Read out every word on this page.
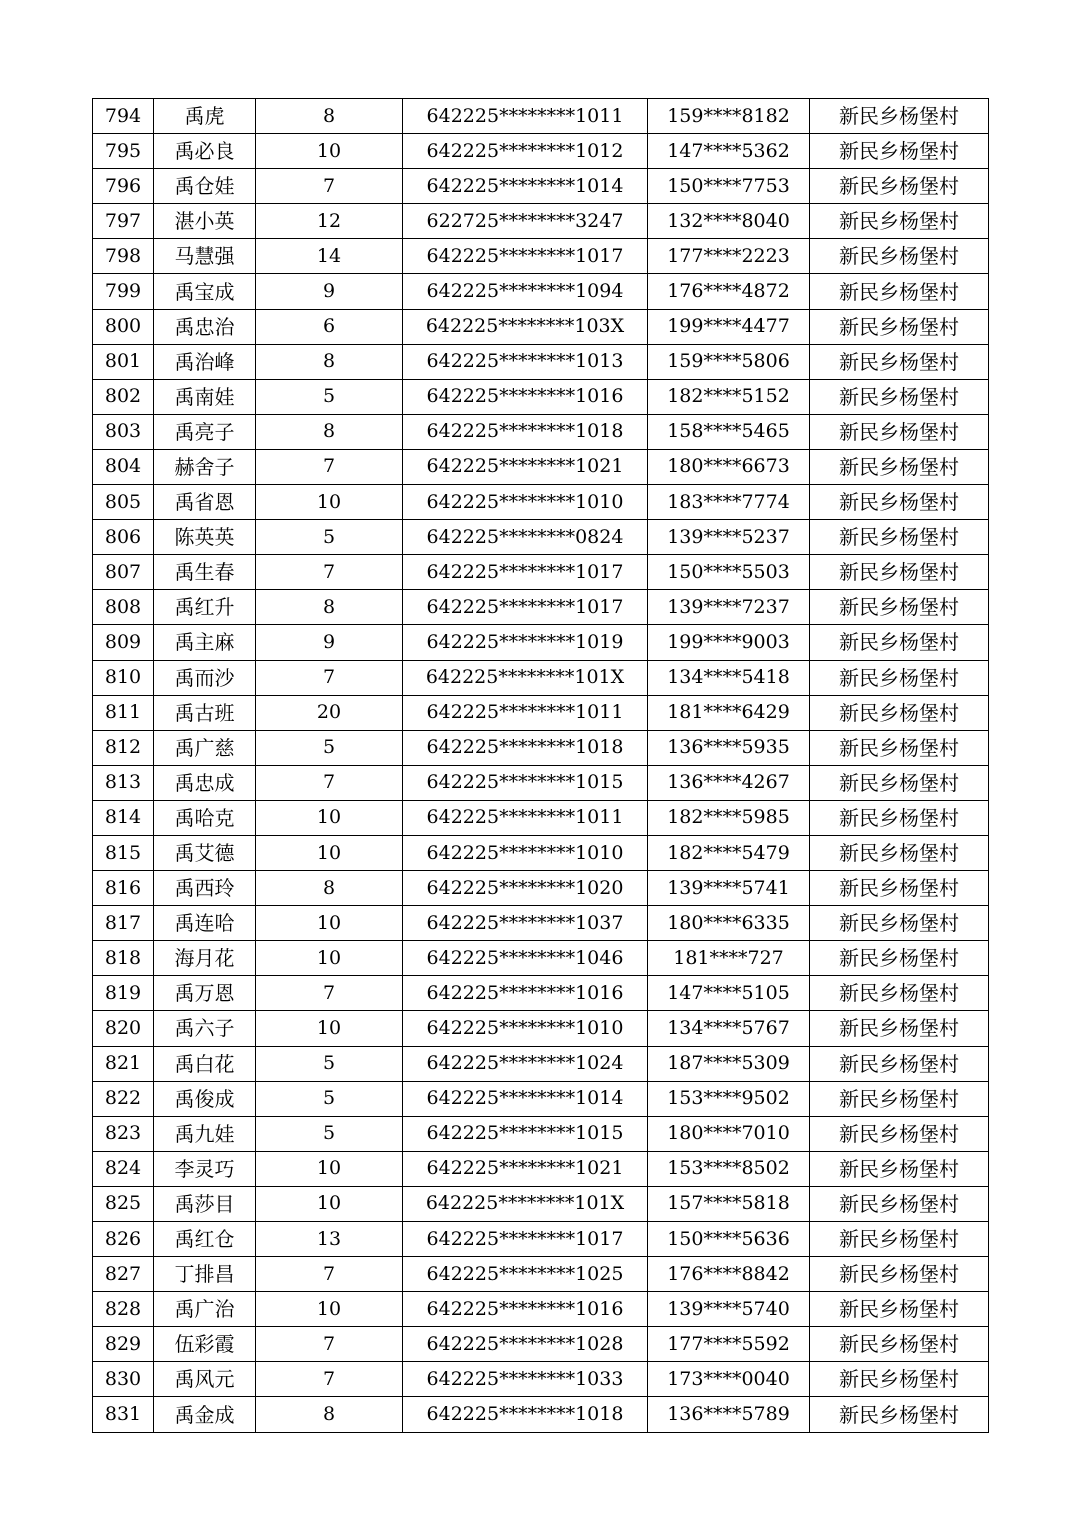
794	禹虎	8	642225********1011	159****8182	新民乡杨堡村
795	禹必良	10	642225********1012	147****5362	新民乡杨堡村
796	禹仓娃	7	642225********1014	150****7753	新民乡杨堡村
797	湛小英	12	622725********3247	132****8040	新民乡杨堡村
798	马慧强	14	642225********1017	177****2223	新民乡杨堡村
799	禹宝成	9	642225********1094	176****4872	新民乡杨堡村
800	禹忠治	6	642225********103X	199****4477	新民乡杨堡村
801	禹治峰	8	642225********1013	159****5806	新民乡杨堡村
802	禹南娃	5	642225********1016	182****5152	新民乡杨堡村
803	禹亮子	8	642225********1018	158****5465	新民乡杨堡村
804	赫舍子	7	642225********1021	180****6673	新民乡杨堡村
805	禹省恩	10	642225********1010	183****7774	新民乡杨堡村
806	陈英英	5	642225********0824	139****5237	新民乡杨堡村
807	禹生春	7	642225********1017	150****5503	新民乡杨堡村
808	禹红升	8	642225********1017	139****7237	新民乡杨堡村
809	禹主麻	9	642225********1019	199****9003	新民乡杨堡村
810	禹而沙	7	642225********101X	134****5418	新民乡杨堡村
811	禹古班	20	642225********1011	181****6429	新民乡杨堡村
812	禹广慈	5	642225********1018	136****5935	新民乡杨堡村
813	禹忠成	7	642225********1015	136****4267	新民乡杨堡村
814	禹哈克	10	642225********1011	182****5985	新民乡杨堡村
815	禹艾德	10	642225********1010	182****5479	新民乡杨堡村
816	禹西玲	8	642225********1020	139****5741	新民乡杨堡村
817	禹连哈	10	642225********1037	180****6335	新民乡杨堡村
818	海月花	10	642225********1046	181****727	新民乡杨堡村
819	禹万恩	7	642225********1016	147****5105	新民乡杨堡村
820	禹六子	10	642225********1010	134****5767	新民乡杨堡村
821	禹白花	5	642225********1024	187****5309	新民乡杨堡村
822	禹俊成	5	642225********1014	153****9502	新民乡杨堡村
823	禹九娃	5	642225********1015	180****7010	新民乡杨堡村
824	李灵巧	10	642225********1021	153****8502	新民乡杨堡村
825	禹莎目	10	642225********101X	157****5818	新民乡杨堡村
826	禹红仓	13	642225********1017	150****5636	新民乡杨堡村
827	丁排昌	7	642225********1025	176****8842	新民乡杨堡村
828	禹广治	10	642225********1016	139****5740	新民乡杨堡村
829	伍彩霞	7	642225********1028	177****5592	新民乡杨堡村
830	禹风元	7	642225********1033	173****0040	新民乡杨堡村
831	禹金成	8	642225********1018	136****5789	新民乡杨堡村
